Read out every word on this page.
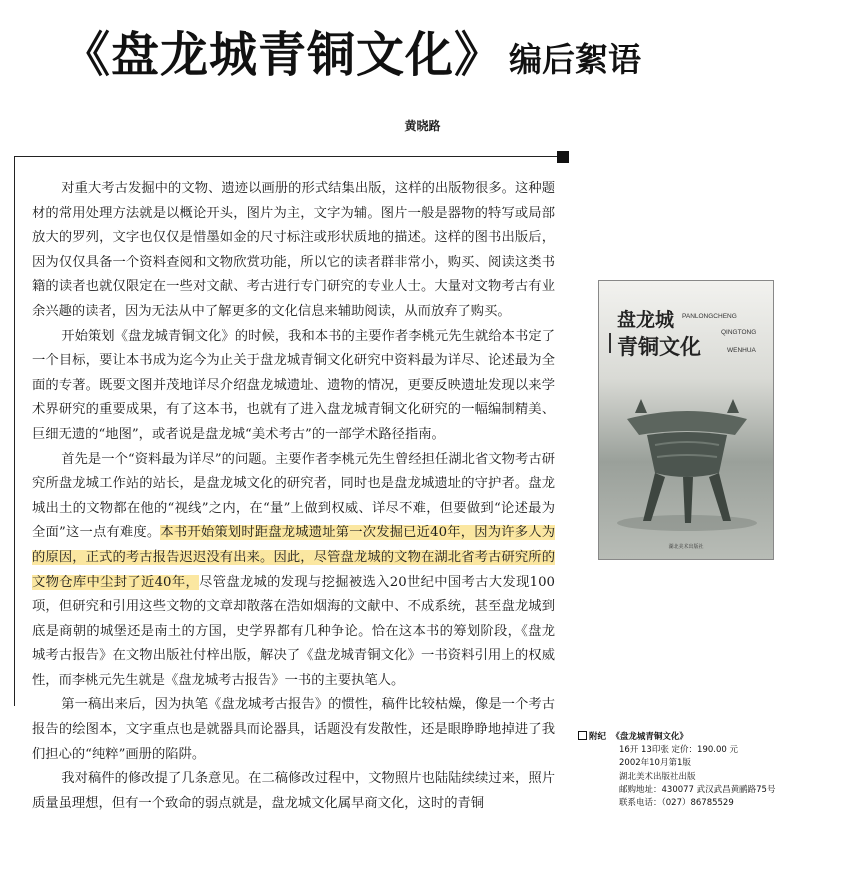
《盘龙城青铜文化》 编后絮语
黄晓路

对重大考古发掘中的文物、遗迹以画册的形式结集出版，这样的出版物很多。这种题材的常用处理方法就是以概论开头，图片为主，文字为辅。图片一般是器物的特写或局部放大的罗列，文字也仅仅是惜墨如金的尺寸标注或形状质地的描述。这样的图书出版后，因为仅仅具备一个资料查阅和文物欣赏功能，所以它的读者群非常小，购买、阅读这类书籍的读者也就仅限定在一些对文献、考古进行专门研究的专业人士。大量对文物考古有业余兴趣的读者，因为无法从中了解更多的文化信息来辅助阅读，从而放弃了购买。

开始策划《盘龙城青铜文化》的时候，我和本书的主要作者李桃元先生就给本书定了一个目标，要让本书成为迄今为止关于盘龙城青铜文化研究中资料最为详尽、论述最为全面的专著。既要文图并茂地详尽介绍盘龙城遗址、遗物的情况，更要反映遗址发现以来学术界研究的重要成果，有了这本书，也就有了进入盘龙城青铜文化研究的一幅编制精美、巨细无遗的“地图”，或者说是盘龙城“美术考古”的一部学术路径指南。

首先是一个“资料最为详尽”的问题。主要作者李桃元先生曾经担任湖北省文物考古研究所盘龙城工作站的站长，是盘龙城文化的研究者，同时也是盘龙城遗址的守护者。盘龙城出土的文物都在他的“视线”之内，在“量”上做到权威、详尽不难，但要做到“论述最为全面”这一点有难度。本书开始策划时距盘龙城遗址第一次发掘已近40年，因为许多人为的原因，正式的考古报告迟迟没有出来。因此，尽管盘龙城的文物在湖北省考古研究所的文物仓库中尘封了近40年，尽管盘龙城的发现与挖掘被选入20世纪中国考古大发现100项，但研究和引用这些文物的文章却散落在浩如烟海的文献中、不成系统，甚至盘龙城到底是商朝的城堡还是南土的方国，史学界都有几种争论。恰在这本书的筹划阶段，《盘龙城考古报告》在文物出版社付梓出版，解决了《盘龙城青铜文化》一书资料引用上的权威性，而李桃元先生就是《盘龙城考古报告》一书的主要执笔人。

第一稿出来后，因为执笔《盘龙城考古报告》的惯性，稿件比较枯燥，像是一个考古报告的绘图本，文字重点也是就器具而论器具，话题没有发散性，还是眼睁睁地掉进了我们担心的“纯粹”画册的陷阱。

我对稿件的修改提了几条意见。在二稿修改过程中，文物照片也陆陆续续过来，照片质量虽理想，但有一个致命的弱点就是，盘龙城文化属早商文化，这时的青铜

盘龙城
青铜文化
PANLONGCHENG
QINGTONG
WENHUA
湖北美术出版社
附纪 《盘龙城青铜文化》
16开 13印张 定价：190.00 元
2002年10月第1版
湖北美术出版社出版
邮购地址：430077 武汉武昌黄鹂路75号
联系电话：（027）86785529
